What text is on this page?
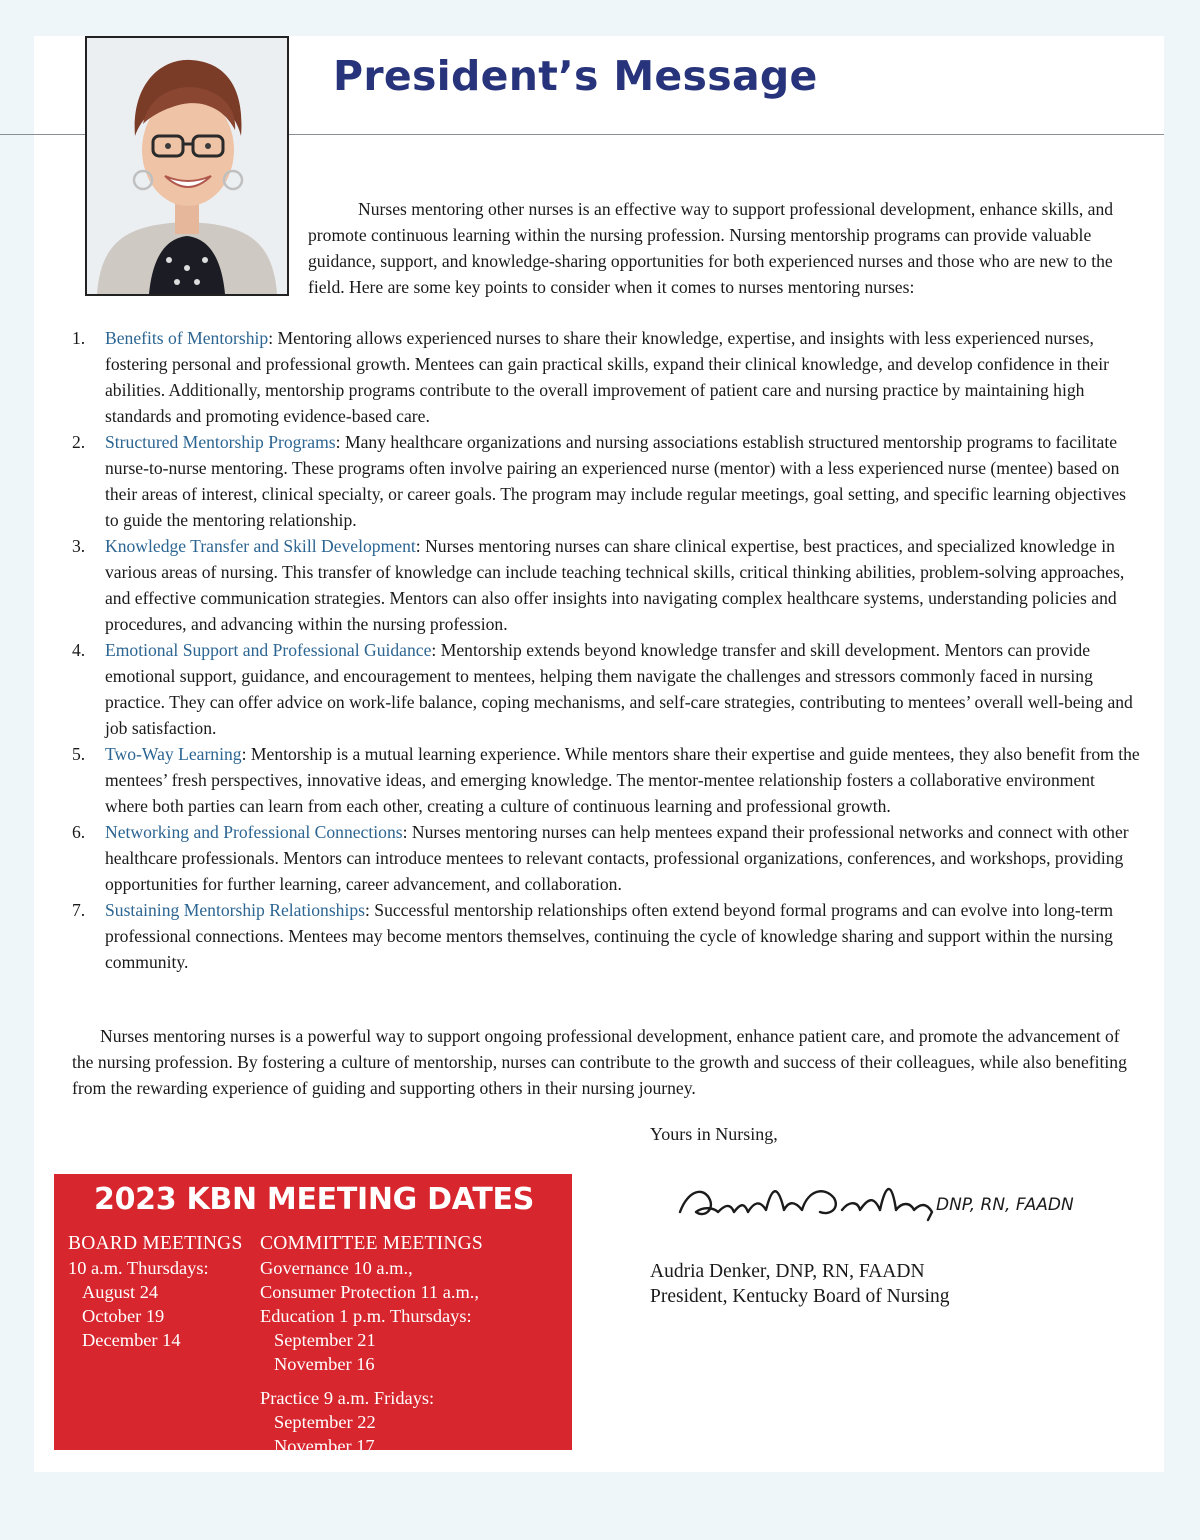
President’s Message

Nurses mentoring other nurses is an effective way to support professional development, enhance skills, and promote continuous learning within the nursing profession. Nursing mentorship programs can provide valuable guidance, support, and knowledge-sharing opportunities for both experienced nurses and those who are new to the field. Here are some key points to consider when it comes to nurses mentoring nurses:

1. Benefits of Mentorship: Mentoring allows experienced nurses to share their knowledge, expertise, and insights with less experienced nurses, fostering personal and professional growth. Mentees can gain practical skills, expand their clinical knowledge, and develop confidence in their abilities. Additionally, mentorship programs contribute to the overall improvement of patient care and nursing practice by maintaining high standards and promoting evidence-based care.
2. Structured Mentorship Programs: Many healthcare organizations and nursing associations establish structured mentorship programs to facilitate nurse-to-nurse mentoring. These programs often involve pairing an experienced nurse (mentor) with a less experienced nurse (mentee) based on their areas of interest, clinical specialty, or career goals. The program may include regular meetings, goal setting, and specific learning objectives to guide the mentoring relationship.
3. Knowledge Transfer and Skill Development: Nurses mentoring nurses can share clinical expertise, best practices, and specialized knowledge in various areas of nursing. This transfer of knowledge can include teaching technical skills, critical thinking abilities, problem-solving approaches, and effective communication strategies. Mentors can also offer insights into navigating complex healthcare systems, understanding policies and procedures, and advancing within the nursing profession.
4. Emotional Support and Professional Guidance: Mentorship extends beyond knowledge transfer and skill development. Mentors can provide emotional support, guidance, and encouragement to mentees, helping them navigate the challenges and stressors commonly faced in nursing practice. They can offer advice on work-life balance, coping mechanisms, and self-care strategies, contributing to mentees’ overall well-being and job satisfaction.
5. Two-Way Learning: Mentorship is a mutual learning experience. While mentors share their expertise and guide mentees, they also benefit from the mentees’ fresh perspectives, innovative ideas, and emerging knowledge. The mentor-mentee relationship fosters a collaborative environment where both parties can learn from each other, creating a culture of continuous learning and professional growth.
6. Networking and Professional Connections: Nurses mentoring nurses can help mentees expand their professional networks and connect with other healthcare professionals. Mentors can introduce mentees to relevant contacts, professional organizations, conferences, and workshops, providing opportunities for further learning, career advancement, and collaboration.
7. Sustaining Mentorship Relationships: Successful mentorship relationships often extend beyond formal programs and can evolve into long-term professional connections. Mentees may become mentors themselves, continuing the cycle of knowledge sharing and support within the nursing community.

Nurses mentoring nurses is a powerful way to support ongoing professional development, enhance patient care, and promote the advancement of the nursing profession. By fostering a culture of mentorship, nurses can contribute to the growth and success of their colleagues, while also benefiting from the rewarding experience of guiding and supporting others in their nursing journey.

Yours in Nursing,

DNP, RN, FAADN

Audria Denker, DNP, RN, FAADN
President, Kentucky Board of Nursing

2023 KBN MEETING DATES
BOARD MEETINGS
10 a.m. Thursdays:
August 24
October 19
December 14
COMMITTEE MEETINGS
Governance 10 a.m.,
Consumer Protection 11 a.m.,
Education 1 p.m. Thursdays:
September 21
November 16
Practice 9 a.m. Fridays:
September 22
November 17
